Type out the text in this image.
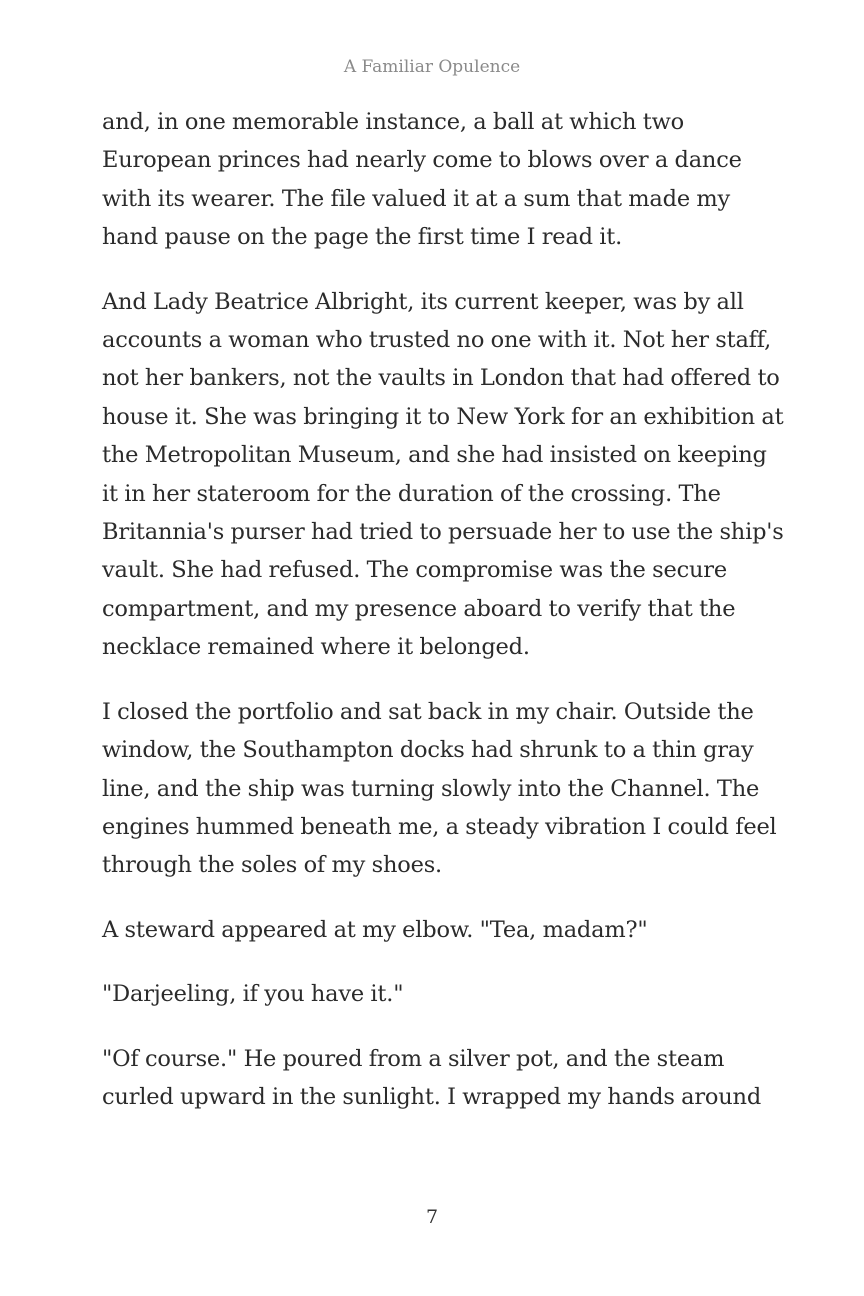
A Familiar Opulence

and, in one memorable instance, a ball at which two European princes had nearly come to blows over a dance with its wearer. The file valued it at a sum that made my hand pause on the page the first time I read it.

And Lady Beatrice Albright, its current keeper, was by all accounts a woman who trusted no one with it. Not her staff, not her bankers, not the vaults in London that had offered to house it. She was bringing it to New York for an exhibition at the Metropolitan Museum, and she had insisted on keeping it in her stateroom for the duration of the crossing. The Britannia's purser had tried to persuade her to use the ship's vault. She had refused. The compromise was the secure compartment, and my presence aboard to verify that the necklace remained where it belonged.

I closed the portfolio and sat back in my chair. Outside the window, the Southampton docks had shrunk to a thin gray line, and the ship was turning slowly into the Channel. The engines hummed beneath me, a steady vibration I could feel through the soles of my shoes.

A steward appeared at my elbow. "Tea, madam?"

"Darjeeling, if you have it."

"Of course." He poured from a silver pot, and the steam curled upward in the sunlight. I wrapped my hands around

7
